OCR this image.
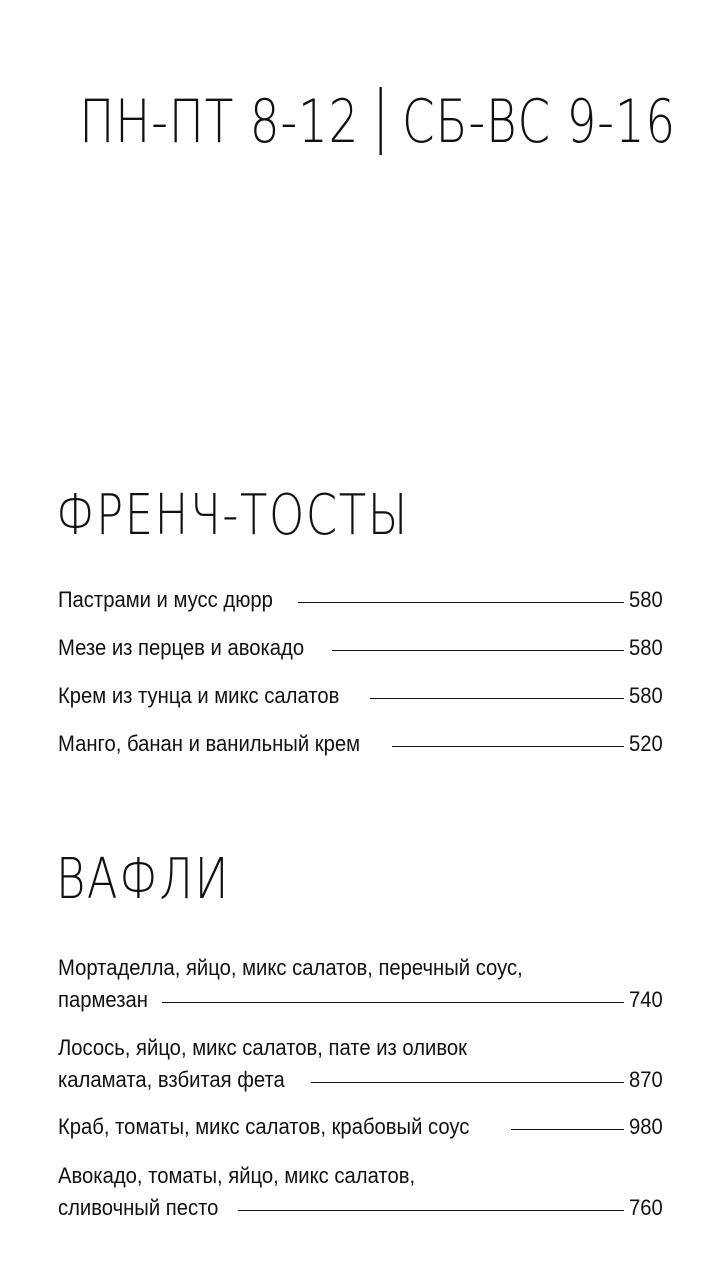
ПН-ПТ 8-12 СБ-ВС 9-16
ФРЕНЧ-ТОСТЫ
Пастрами и мусс дюрр	580
Мезе из перцев и авокадо	580
Крем из тунца и микс салатов	580
Манго, банан и ванильный крем	520
ВАФЛИ
Мортаделла, яйцо, микс салатов, перечный соус,
пармезан	740
Лосось, яйцо, микс салатов, пате из оливок
каламата, взбитая фета	870
Краб, томаты, микс салатов, крабовый соус	980
Авокадо, томаты, яйцо, микс салатов,
сливочный песто	760
